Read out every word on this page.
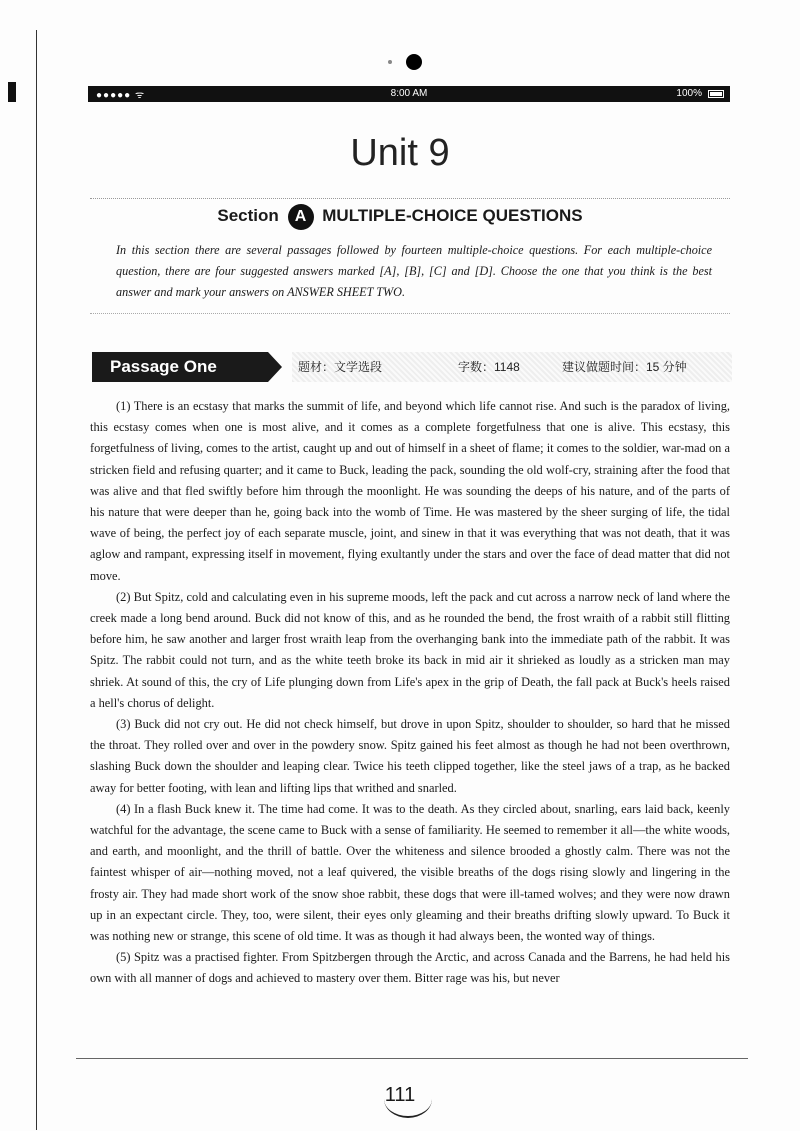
●●●●● ᯤ	8:00 AM	100%
Unit 9
Section A MULTIPLE-CHOICE QUESTIONS
In this section there are several passages followed by fourteen multiple-choice questions. For each multiple-choice question, there are four suggested answers marked [A], [B], [C] and [D]. Choose the one that you think is the best answer and mark your answers on ANSWER SHEET TWO.
Passage One	题材：文学选段	字数：1148	建议做题时间：15 分钟

(1) There is an ecstasy that marks the summit of life, and beyond which life cannot rise. And such is the paradox of living, this ecstasy comes when one is most alive, and it comes as a complete forgetfulness that one is alive. This ecstasy, this forgetfulness of living, comes to the artist, caught up and out of himself in a sheet of flame; it comes to the soldier, war-mad on a stricken field and refusing quarter; and it came to Buck, leading the pack, sounding the old wolf-cry, straining after the food that was alive and that fled swiftly before him through the moonlight. He was sounding the deeps of his nature, and of the parts of his nature that were deeper than he, going back into the womb of Time. He was mastered by the sheer surging of life, the tidal wave of being, the perfect joy of each separate muscle, joint, and sinew in that it was everything that was not death, that it was aglow and rampant, expressing itself in movement, flying exultantly under the stars and over the face of dead matter that did not move.

(2) But Spitz, cold and calculating even in his supreme moods, left the pack and cut across a narrow neck of land where the creek made a long bend around. Buck did not know of this, and as he rounded the bend, the frost wraith of a rabbit still flitting before him, he saw another and larger frost wraith leap from the overhanging bank into the immediate path of the rabbit. It was Spitz. The rabbit could not turn, and as the white teeth broke its back in mid air it shrieked as loudly as a stricken man may shriek. At sound of this, the cry of Life plunging down from Life's apex in the grip of Death, the fall pack at Buck's heels raised a hell's chorus of delight.

(3) Buck did not cry out. He did not check himself, but drove in upon Spitz, shoulder to shoulder, so hard that he missed the throat. They rolled over and over in the powdery snow. Spitz gained his feet almost as though he had not been overthrown, slashing Buck down the shoulder and leaping clear. Twice his teeth clipped together, like the steel jaws of a trap, as he backed away for better footing, with lean and lifting lips that writhed and snarled.

(4) In a flash Buck knew it. The time had come. It was to the death. As they circled about, snarling, ears laid back, keenly watchful for the advantage, the scene came to Buck with a sense of familiarity. He seemed to remember it all—the white woods, and earth, and moonlight, and the thrill of battle. Over the whiteness and silence brooded a ghostly calm. There was not the faintest whisper of air—nothing moved, not a leaf quivered, the visible breaths of the dogs rising slowly and lingering in the frosty air. They had made short work of the snow shoe rabbit, these dogs that were ill-tamed wolves; and they were now drawn up in an expectant circle. They, too, were silent, their eyes only gleaming and their breaths drifting slowly upward. To Buck it was nothing new or strange, this scene of old time. It was as though it had always been, the wonted way of things.

(5) Spitz was a practised fighter. From Spitzbergen through the Arctic, and across Canada and the Barrens, he had held his own with all manner of dogs and achieved to mastery over them. Bitter rage was his, but never

111
